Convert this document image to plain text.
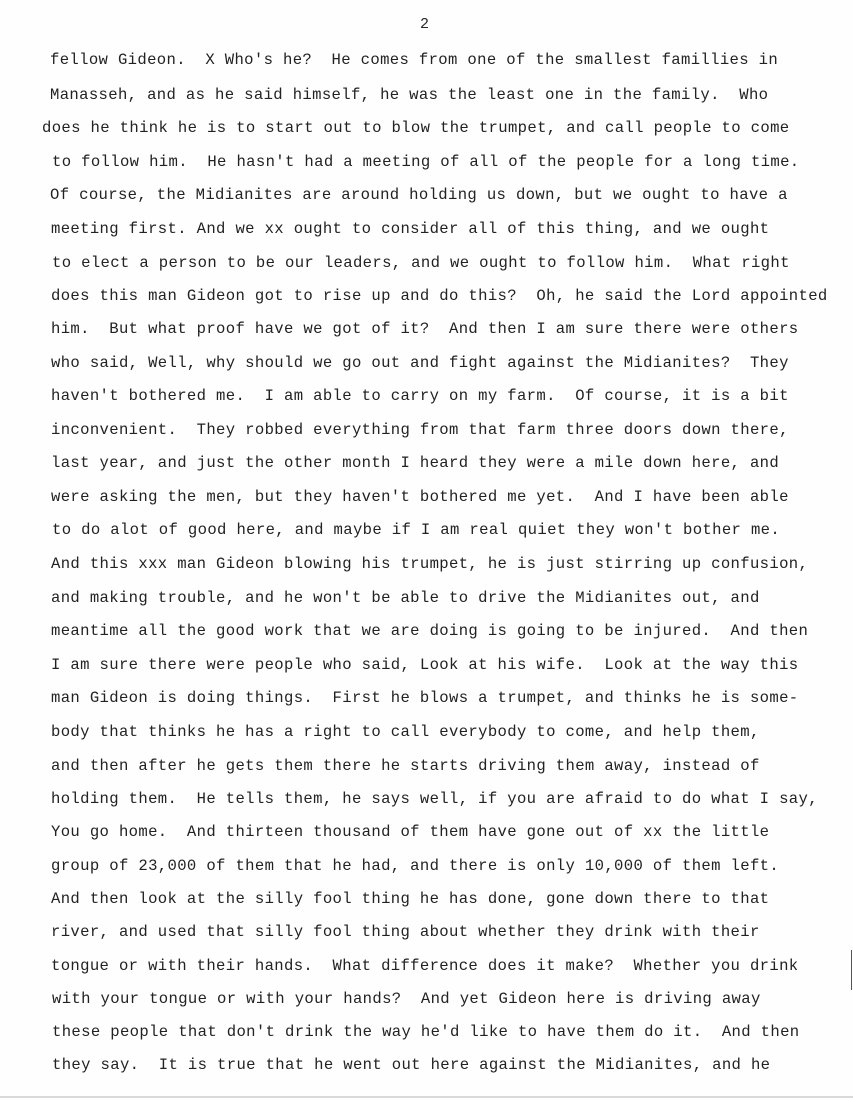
2
fellow Gideon.  X Who's he?  He comes from one of the smallest famillies in
Manasseh, and as he said himself, he was the least one in the family.  Who
does he think he is to start out to blow the trumpet, and call people to come
to follow him.  He hasn't had a meeting of all of the people for a long time.
Of course, the Midianites are around holding us down, but we ought to have a
meeting first. And we xx ought to consider all of this thing, and we ought
to elect a person to be our leaders, and we ought to follow him.  What right
does this man Gideon got to rise up and do this?  Oh, he said the Lord appointed
him.  But what proof have we got of it?  And then I am sure there were others
who said, Well, why should we go out and fight against the Midianites?  They
haven't bothered me.  I am able to carry on my farm.  Of course, it is a bit
inconvenient.  They robbed everything from that farm three doors down there,
last year, and just the other month I heard they were a mile down here, and
were asking the men, but they haven't bothered me yet.  And I have been able
to do alot of good here, and maybe if I am real quiet they won't bother me.
And this xxx man Gideon blowing his trumpet, he is just stirring up confusion,
and making trouble, and he won't be able to drive the Midianites out, and
meantime all the good work that we are doing is going to be injured.  And then
I am sure there were people who said, Look at his wife.  Look at the way this
man Gideon is doing things.  First he blows a trumpet, and thinks he is some-
body that thinks he has a right to call everybody to come, and help them,
and then after he gets them there he starts driving them away, instead of
holding them.  He tells them, he says well, if you are afraid to do what I say,
You go home.  And thirteen thousand of them have gone out of xx the little
group of 23,000 of them that he had, and there is only 10,000 of them left.
And then look at the silly fool thing he has done, gone down there to that
river, and used that silly fool thing about whether they drink with their
tongue or with their hands.  What difference does it make?  Whether you drink
with your tongue or with your hands?  And yet Gideon here is driving away
these people that don't drink the way he'd like to have them do it.  And then
they say.  It is true that he went out here against the Midianites, and he
